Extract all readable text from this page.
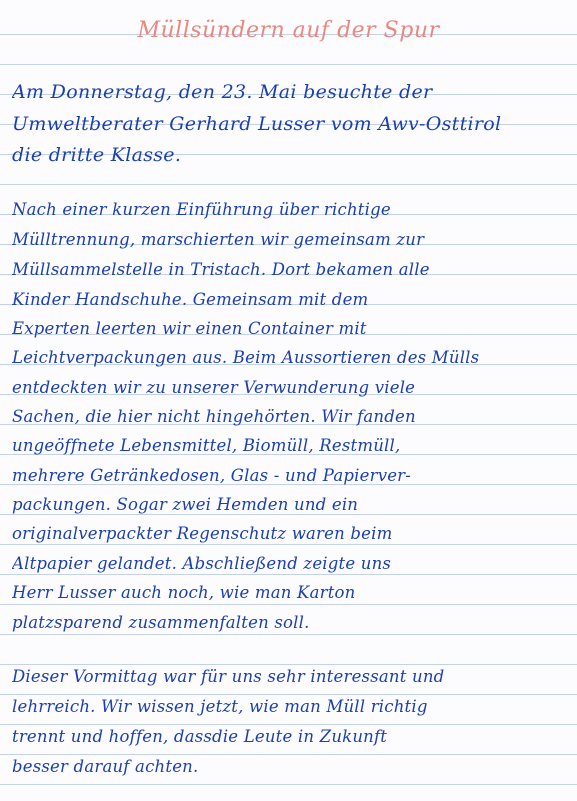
Müllsündern auf der Spur
Am Donnerstag, den 23. Mai besuchte der
Umweltberater Gerhard Lusser vom Awv-Osttirol
die dritte Klasse.
Nach einer kurzen Einführung über richtige
Mülltrennung, marschierten wir gemeinsam zur
Müllsammelstelle in Tristach. Dort bekamen alle
Kinder Handschuhe. Gemeinsam mit dem
Experten leerten wir einen Container mit
Leichtverpackungen aus. Beim Aussortieren des Mülls
entdeckten wir zu unserer Verwunderung viele
Sachen, die hier nicht hingehörten. Wir fanden
ungeöffnete Lebensmittel, Biomüll, Restmüll,
mehrere Getränkedosen, Glas - und Papierver-
packungen. Sogar zwei Hemden und ein
originalverpackter Regenschutz waren beim
Altpapier gelandet. Abschließend zeigte uns
Herr Lusser auch noch, wie man Karton
platzsparend zusammenfalten soll.
Dieser Vormittag war für uns sehr interessant und
lehrreich. Wir wissen jetzt, wie man Müll richtig
trennt und hoffen, dassdie Leute in Zukunft
besser darauf achten.
